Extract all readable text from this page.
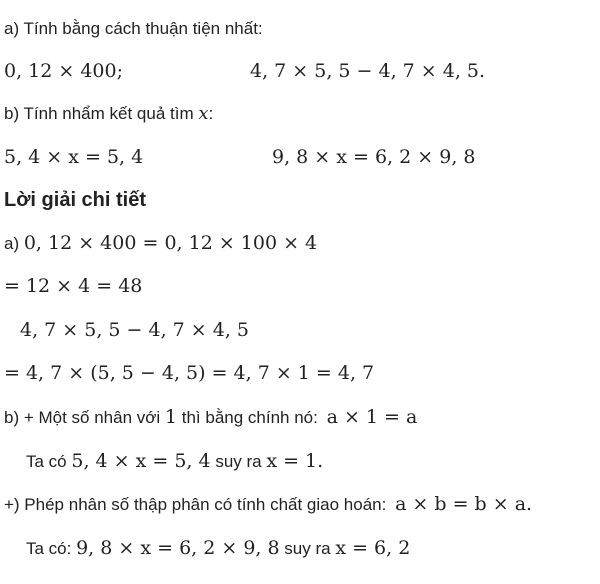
a) Tính bằng cách thuận tiện nhất:
0, 12 × 400;	4, 7 × 5, 5 − 4, 7 × 4, 5.
b) Tính nhẩm kết quả tìm x:
5, 4 × x = 5, 4	9, 8 × x = 6, 2 × 9, 8
Lời giải chi tiết
a) 0, 12 × 400 = 0, 12 × 100 × 4
= 12 × 4 = 48
4, 7 × 5, 5 − 4, 7 × 4, 5
= 4, 7 × (5, 5 − 4, 5) = 4, 7 × 1 = 4, 7
b) + Một số nhân với 1 thì bằng chính nó: a × 1 = a
Ta có 5, 4 × x = 5, 4 suy ra x = 1.
+) Phép nhân số thập phân có tính chất giao hoán: a × b = b × a.
Ta có: 9, 8 × x = 6, 2 × 9, 8 suy ra x = 6, 2
